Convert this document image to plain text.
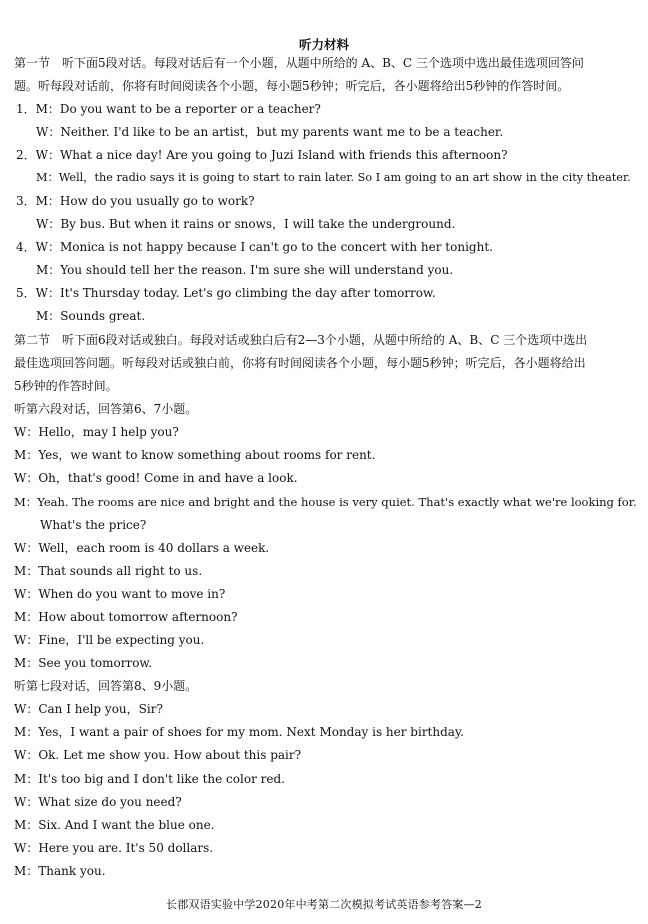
听力材料
第一节　听下面5段对话。每段对话后有一个小题，从题中所给的 A、B、C 三个选项中选出最佳选项回答问
题。听每段对话前，你将有时间阅读各个小题，每小题5秒钟；听完后，各小题将给出5秒钟的作答时间。
1．M：Do you want to be a reporter or a teacher?
W：Neither. I'd like to be an artist，but my parents want me to be a teacher.
2．W：What a nice day! Are you going to Juzi Island with friends this afternoon?
M：Well，the radio says it is going to start to rain later. So I am going to an art show in the city theater.
3．M：How do you usually go to work?
W：By bus. But when it rains or snows，I will take the underground.
4．W：Monica is not happy because I can't go to the concert with her tonight.
M：You should tell her the reason. I'm sure she will understand you.
5．W：It's Thursday today. Let's go climbing the day after tomorrow.
M：Sounds great.
第二节　听下面6段对话或独白。每段对话或独白后有2—3个小题，从题中所给的 A、B、C 三个选项中选出
最佳选项回答问题。听每段对话或独白前，你将有时间阅读各个小题，每小题5秒钟；听完后，各小题将给出
5秒钟的作答时间。
听第六段对话，回答第6、7小题。
W：Hello，may I help you?
M：Yes，we want to know something about rooms for rent.
W：Oh，that's good! Come in and have a look.
M：Yeah. The rooms are nice and bright and the house is very quiet. That's exactly what we're looking for.
What's the price?
W：Well，each room is 40 dollars a week.
M：That sounds all right to us.
W：When do you want to move in?
M：How about tomorrow afternoon?
W：Fine，I'll be expecting you.
M：See you tomorrow.
听第七段对话，回答第8、9小题。
W：Can I help you，Sir?
M：Yes，I want a pair of shoes for my mom. Next Monday is her birthday.
W：Ok. Let me show you. How about this pair?
M：It's too big and I don't like the color red.
W：What size do you need?
M：Six. And I want the blue one.
W：Here you are. It's 50 dollars.
M：Thank you.
长郡双语实验中学2020年中考第二次模拟考试英语参考答案—2
